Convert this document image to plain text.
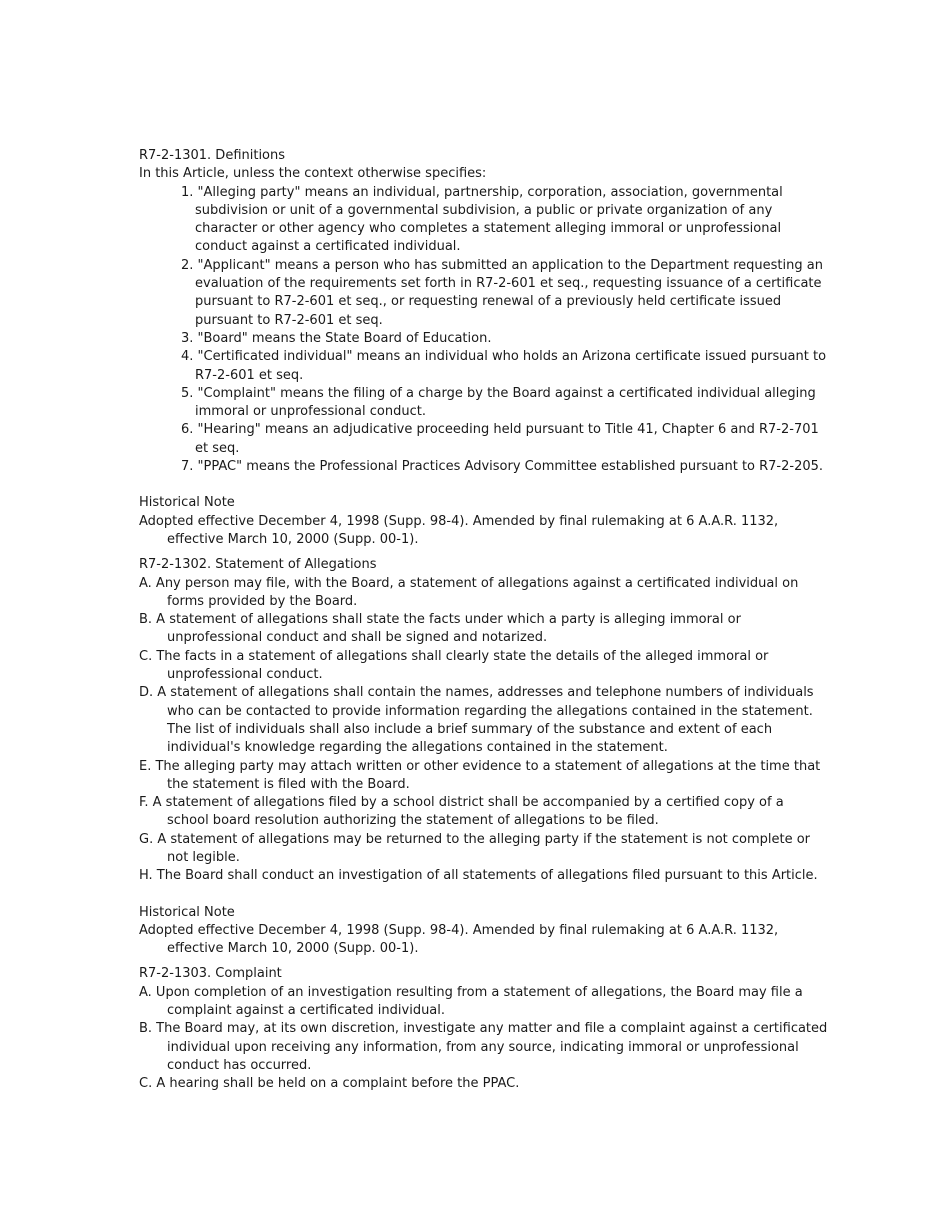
R7-2-1301. Definitions
In this Article, unless the context otherwise specifies:
1. "Alleging party" means an individual, partnership, corporation, association, governmental subdivision or unit of a governmental subdivision, a public or private organization of any character or other agency who completes a statement alleging immoral or unprofessional conduct against a certificated individual.
2. "Applicant" means a person who has submitted an application to the Department requesting an evaluation of the requirements set forth in R7-2-601 et seq., requesting issuance of a certificate pursuant to R7-2-601 et seq., or requesting renewal of a previously held certificate issued pursuant to R7-2-601 et seq.
3. "Board" means the State Board of Education.
4. "Certificated individual" means an individual who holds an Arizona certificate issued pursuant to R7-2-601 et seq.
5. "Complaint" means the filing of a charge by the Board against a certificated individual alleging immoral or unprofessional conduct.
6. "Hearing" means an adjudicative proceeding held pursuant to Title 41, Chapter 6 and R7-2-701 et seq.
7. "PPAC" means the Professional Practices Advisory Committee established pursuant to R7-2-205.
Historical Note
Adopted effective December 4, 1998 (Supp. 98-4). Amended by final rulemaking at 6 A.A.R. 1132, effective March 10, 2000 (Supp. 00-1).
R7-2-1302. Statement of Allegations
A. Any person may file, with the Board, a statement of allegations against a certificated individual on forms provided by the Board.
B. A statement of allegations shall state the facts under which a party is alleging immoral or unprofessional conduct and shall be signed and notarized.
C. The facts in a statement of allegations shall clearly state the details of the alleged immoral or unprofessional conduct.
D. A statement of allegations shall contain the names, addresses and telephone numbers of individuals who can be contacted to provide information regarding the allegations contained in the statement. The list of individuals shall also include a brief summary of the substance and extent of each individual's knowledge regarding the allegations contained in the statement.
E. The alleging party may attach written or other evidence to a statement of allegations at the time that the statement is filed with the Board.
F. A statement of allegations filed by a school district shall be accompanied by a certified copy of a school board resolution authorizing the statement of allegations to be filed.
G. A statement of allegations may be returned to the alleging party if the statement is not complete or not legible.
H. The Board shall conduct an investigation of all statements of allegations filed pursuant to this Article.
Historical Note
Adopted effective December 4, 1998 (Supp. 98-4). Amended by final rulemaking at 6 A.A.R. 1132, effective March 10, 2000 (Supp. 00-1).
R7-2-1303. Complaint
A. Upon completion of an investigation resulting from a statement of allegations, the Board may file a complaint against a certificated individual.
B. The Board may, at its own discretion, investigate any matter and file a complaint against a certificated individual upon receiving any information, from any source, indicating immoral or unprofessional conduct has occurred.
C. A hearing shall be held on a complaint before the PPAC.
